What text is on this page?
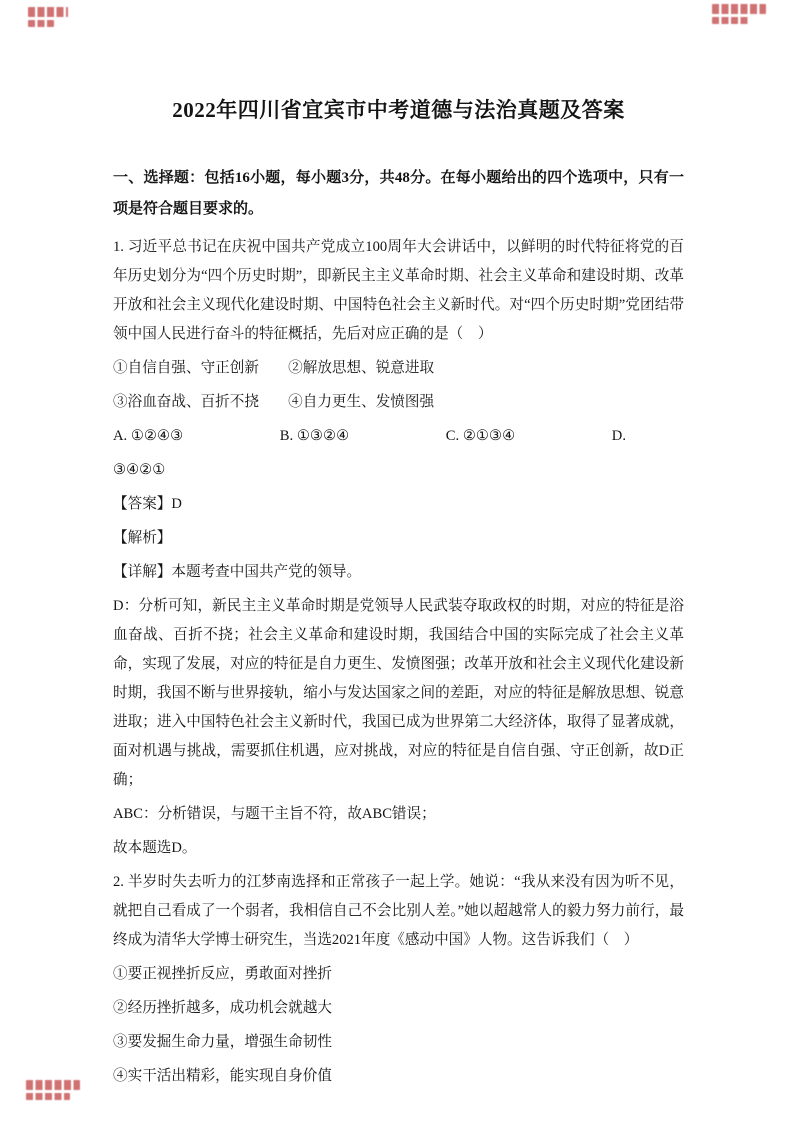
2022年四川省宜宾市中考道德与法治真题及答案

一、选择题：包括16小题，每小题3分，共48分。在每小题给出的四个选项中，只有一项是符合题目要求的。

1. 习近平总书记在庆祝中国共产党成立100周年大会讲话中，以鲜明的时代特征将党的百年历史划分为“四个历史时期”，即新民主主义革命时期、社会主义革命和建设时期、改革开放和社会主义现代化建设时期、中国特色社会主义新时代。对“四个历史时期”党团结带领中国人民进行奋斗的特征概括，先后对应正确的是（　）

①自信自强、守正创新　　②解放思想、锐意进取

③浴血奋战、百折不挠　　④自力更生、发愤图强

A. ①②④③	B. ①③②④	C. ②①③④	D.

③④②①

【答案】D

【解析】

【详解】本题考查中国共产党的领导。

D：分析可知，新民主主义革命时期是党领导人民武装夺取政权的时期，对应的特征是浴血奋战、百折不挠；社会主义革命和建设时期，我国结合中国的实际完成了社会主义革命，实现了发展，对应的特征是自力更生、发愤图强；改革开放和社会主义现代化建设新时期，我国不断与世界接轨，缩小与发达国家之间的差距，对应的特征是解放思想、锐意进取；进入中国特色社会主义新时代，我国已成为世界第二大经济体，取得了显著成就，面对机遇与挑战，需要抓住机遇，应对挑战，对应的特征是自信自强、守正创新，故D正确；

ABC：分析错误，与题干主旨不符，故ABC错误；

故本题选D。

2. 半岁时失去听力的江梦南选择和正常孩子一起上学。她说：“我从来没有因为听不见，就把自己看成了一个弱者，我相信自己不会比别人差。”她以超越常人的毅力努力前行，最终成为清华大学博士研究生，当选2021年度《感动中国》人物。这告诉我们（　）

①要正视挫折反应，勇敢面对挫折

②经历挫折越多，成功机会就越大

③要发掘生命力量，增强生命韧性

④实干活出精彩，能实现自身价值
